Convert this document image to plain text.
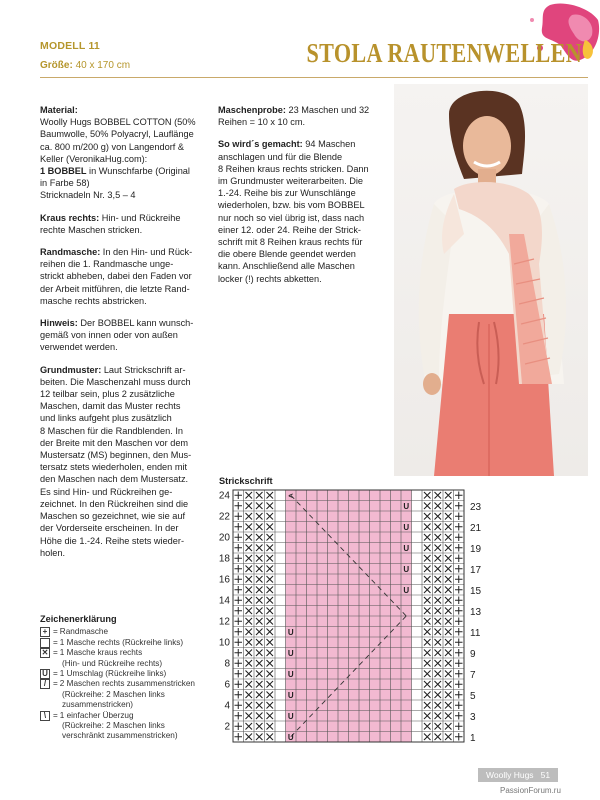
MODELL 11
Größe: 40 x 170 cm	STOLA RAUTENWELLEN

Material:
Woolly Hugs BOBBEL COTTON (50%
Baumwolle, 50% Polyacryl, Lauflänge
ca. 800 m/200 g) von Langendorf &
Keller (VeronikaHug.com):
1 BOBBEL in Wunschfarbe (Original
in Farbe 58)
Stricknadeln Nr. 3,5 – 4

Kraus rechts: Hin- und Rückreihe
rechte Maschen stricken.

Randmasche: In den Hin- und Rück-
reihen die 1. Randmasche unge-
strickt abheben, dabei den Faden vor
der Arbeit mitführen, die letzte Rand-
masche rechts abstricken.

Hinweis: Der BOBBEL kann wunsch-
gemäß von innen oder von außen
verwendet werden.

Grundmuster: Laut Strickschrift ar-
beiten. Die Maschenzahl muss durch
12 teilbar sein, plus 2 zusätzliche
Maschen, damit das Muster rechts
und links aufgeht plus zusätzlich
8 Maschen für die Randblenden. In
der Breite mit den Maschen vor dem
Mustersatz (MS) beginnen, den Mus-
tersatz stets wiederholen, enden mit
den Maschen nach dem Mustersatz.
Es sind Hin- und Rückreihen ge-
zeichnet. In den Rückreihen sind die
Maschen so gezeichnet, wie sie auf
der Vorderseite erscheinen. In der
Höhe die 1.-24. Reihe stets wieder-
holen.

Maschenprobe: 23 Maschen und 32
Reihen = 10 x 10 cm.

So wird´s gemacht: 94 Maschen
anschlagen und für die Blende
8 Reihen kraus rechts stricken. Dann
im Grundmuster weiterarbeiten. Die
1.-24. Reihe bis zur Wunschlänge
wiederholen, bzw. bis vom BOBBEL
nur noch so viel übrig ist, dass nach
einer 12. oder 24. Reihe der Strick-
schrift mit 8 Reihen kraus rechts für
die obere Blende geendet werden
kann. Anschließend alle Maschen
locker (!) rechts abketten.

Zeichenerklärung
+ = Randmasche
= 1 Masche rechts (Rückreihe links)
✕ = 1 Masche kraus rechts
(Hin- und Rückreihe rechts)
U = 1 Umschlag (Rückreihe links)
/ = 2 Maschen rechts zusammenstricken
(Rückreihe: 2 Maschen links
zusammenstricken)
\ = 1 einfacher Überzug
(Rückreihe: 2 Maschen links
verschränkt zusammenstricken)
Strickschrift
U
U
U
U
U
U
U
U
U
U
U
<
2
4
6
8
10
12
14
16
18
20
22
24
1
3
5
7
9
11
13
15
17
19
21
23
Woolly Hugs 51
PassionForum.ru
